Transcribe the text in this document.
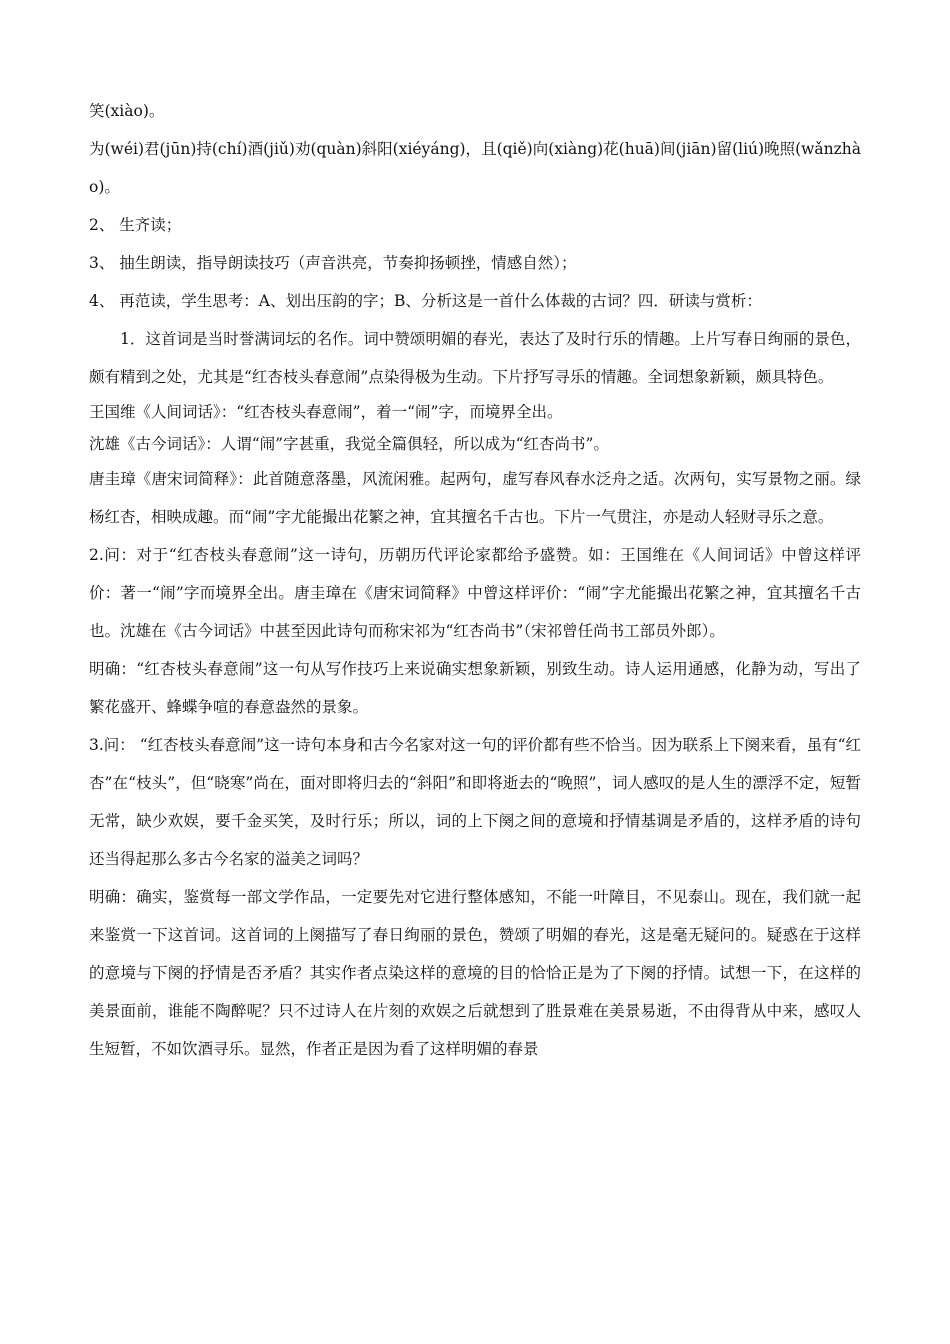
笑(xiào)。

为(wéi)君(jūn)持(chí)酒(jiǔ)劝(quàn)斜阳(xiéyáng)，且(qiě)向(xiàng)花(huā)间(jiān)留(liú)晚照(wǎnzhào)。

2、 生齐读；

3、 抽生朗读，指导朗读技巧（声音洪亮，节奏抑扬顿挫，情感自然）；

4、 再范读，学生思考：A、划出压韵的字；B、分析这是一首什么体裁的古词？四．研读与赏析：

1．这首词是当时誉满词坛的名作。词中赞颂明媚的春光，表达了及时行乐的情趣。上片写春日绚丽的景色，颇有精到之处，尤其是“红杏枝头春意闹”点染得极为生动。下片抒写寻乐的情趣。全词想象新颖，颇具特色。

王国维《人间词话》：“红杏枝头春意闹”，着一“闹”字，而境界全出。

沈雄《古今词话》：人谓“闹”字甚重，我觉全篇俱轻，所以成为“红杏尚书”。

唐圭璋《唐宋词简释》：此首随意落墨，风流闲雅。起两句，虚写春风春水泛舟之适。次两句，实写景物之丽。绿杨红杏，相映成趣。而“闹”字尤能撮出花繁之神，宜其擅名千古也。下片一气贯注，亦是动人轻财寻乐之意。

2.问：对于“红杏枝头春意闹”这一诗句，历朝历代评论家都给予盛赞。如：王国维在《人间词话》中曾这样评价：著一“闹”字而境界全出。唐圭璋在《唐宋词简释》中曾这样评价：“闹”字尤能撮出花繁之神，宜其擅名千古也。沈雄在《古今词话》中甚至因此诗句而称宋祁为“红杏尚书”（宋祁曾任尚书工部员外郎）。

明确：“红杏枝头春意闹”这一句从写作技巧上来说确实想象新颖，别致生动。诗人运用通感，化静为动，写出了繁花盛开、蜂蝶争喧的春意盎然的景象。

3.问： “红杏枝头春意闹”这一诗句本身和古今名家对这一句的评价都有些不恰当。因为联系上下阕来看，虽有“红杏”在“枝头”，但“晓寒”尚在，面对即将归去的“斜阳”和即将逝去的“晚照”，词人感叹的是人生的漂浮不定，短暂无常，缺少欢娱，要千金买笑，及时行乐；所以，词的上下阕之间的意境和抒情基调是矛盾的，这样矛盾的诗句还当得起那么多古今名家的溢美之词吗？

明确：确实，鉴赏每一部文学作品，一定要先对它进行整体感知，不能一叶障目，不见泰山。现在，我们就一起来鉴赏一下这首词。这首词的上阕描写了春日绚丽的景色，赞颂了明媚的春光，这是毫无疑问的。疑惑在于这样的意境与下阕的抒情是否矛盾？其实作者点染这样的意境的目的恰恰正是为了下阕的抒情。试想一下，在这样的美景面前，谁能不陶醉呢？只不过诗人在片刻的欢娱之后就想到了胜景难在美景易逝，不由得背从中来，感叹人生短暂，不如饮酒寻乐。显然，作者正是因为看了这样明媚的春景
